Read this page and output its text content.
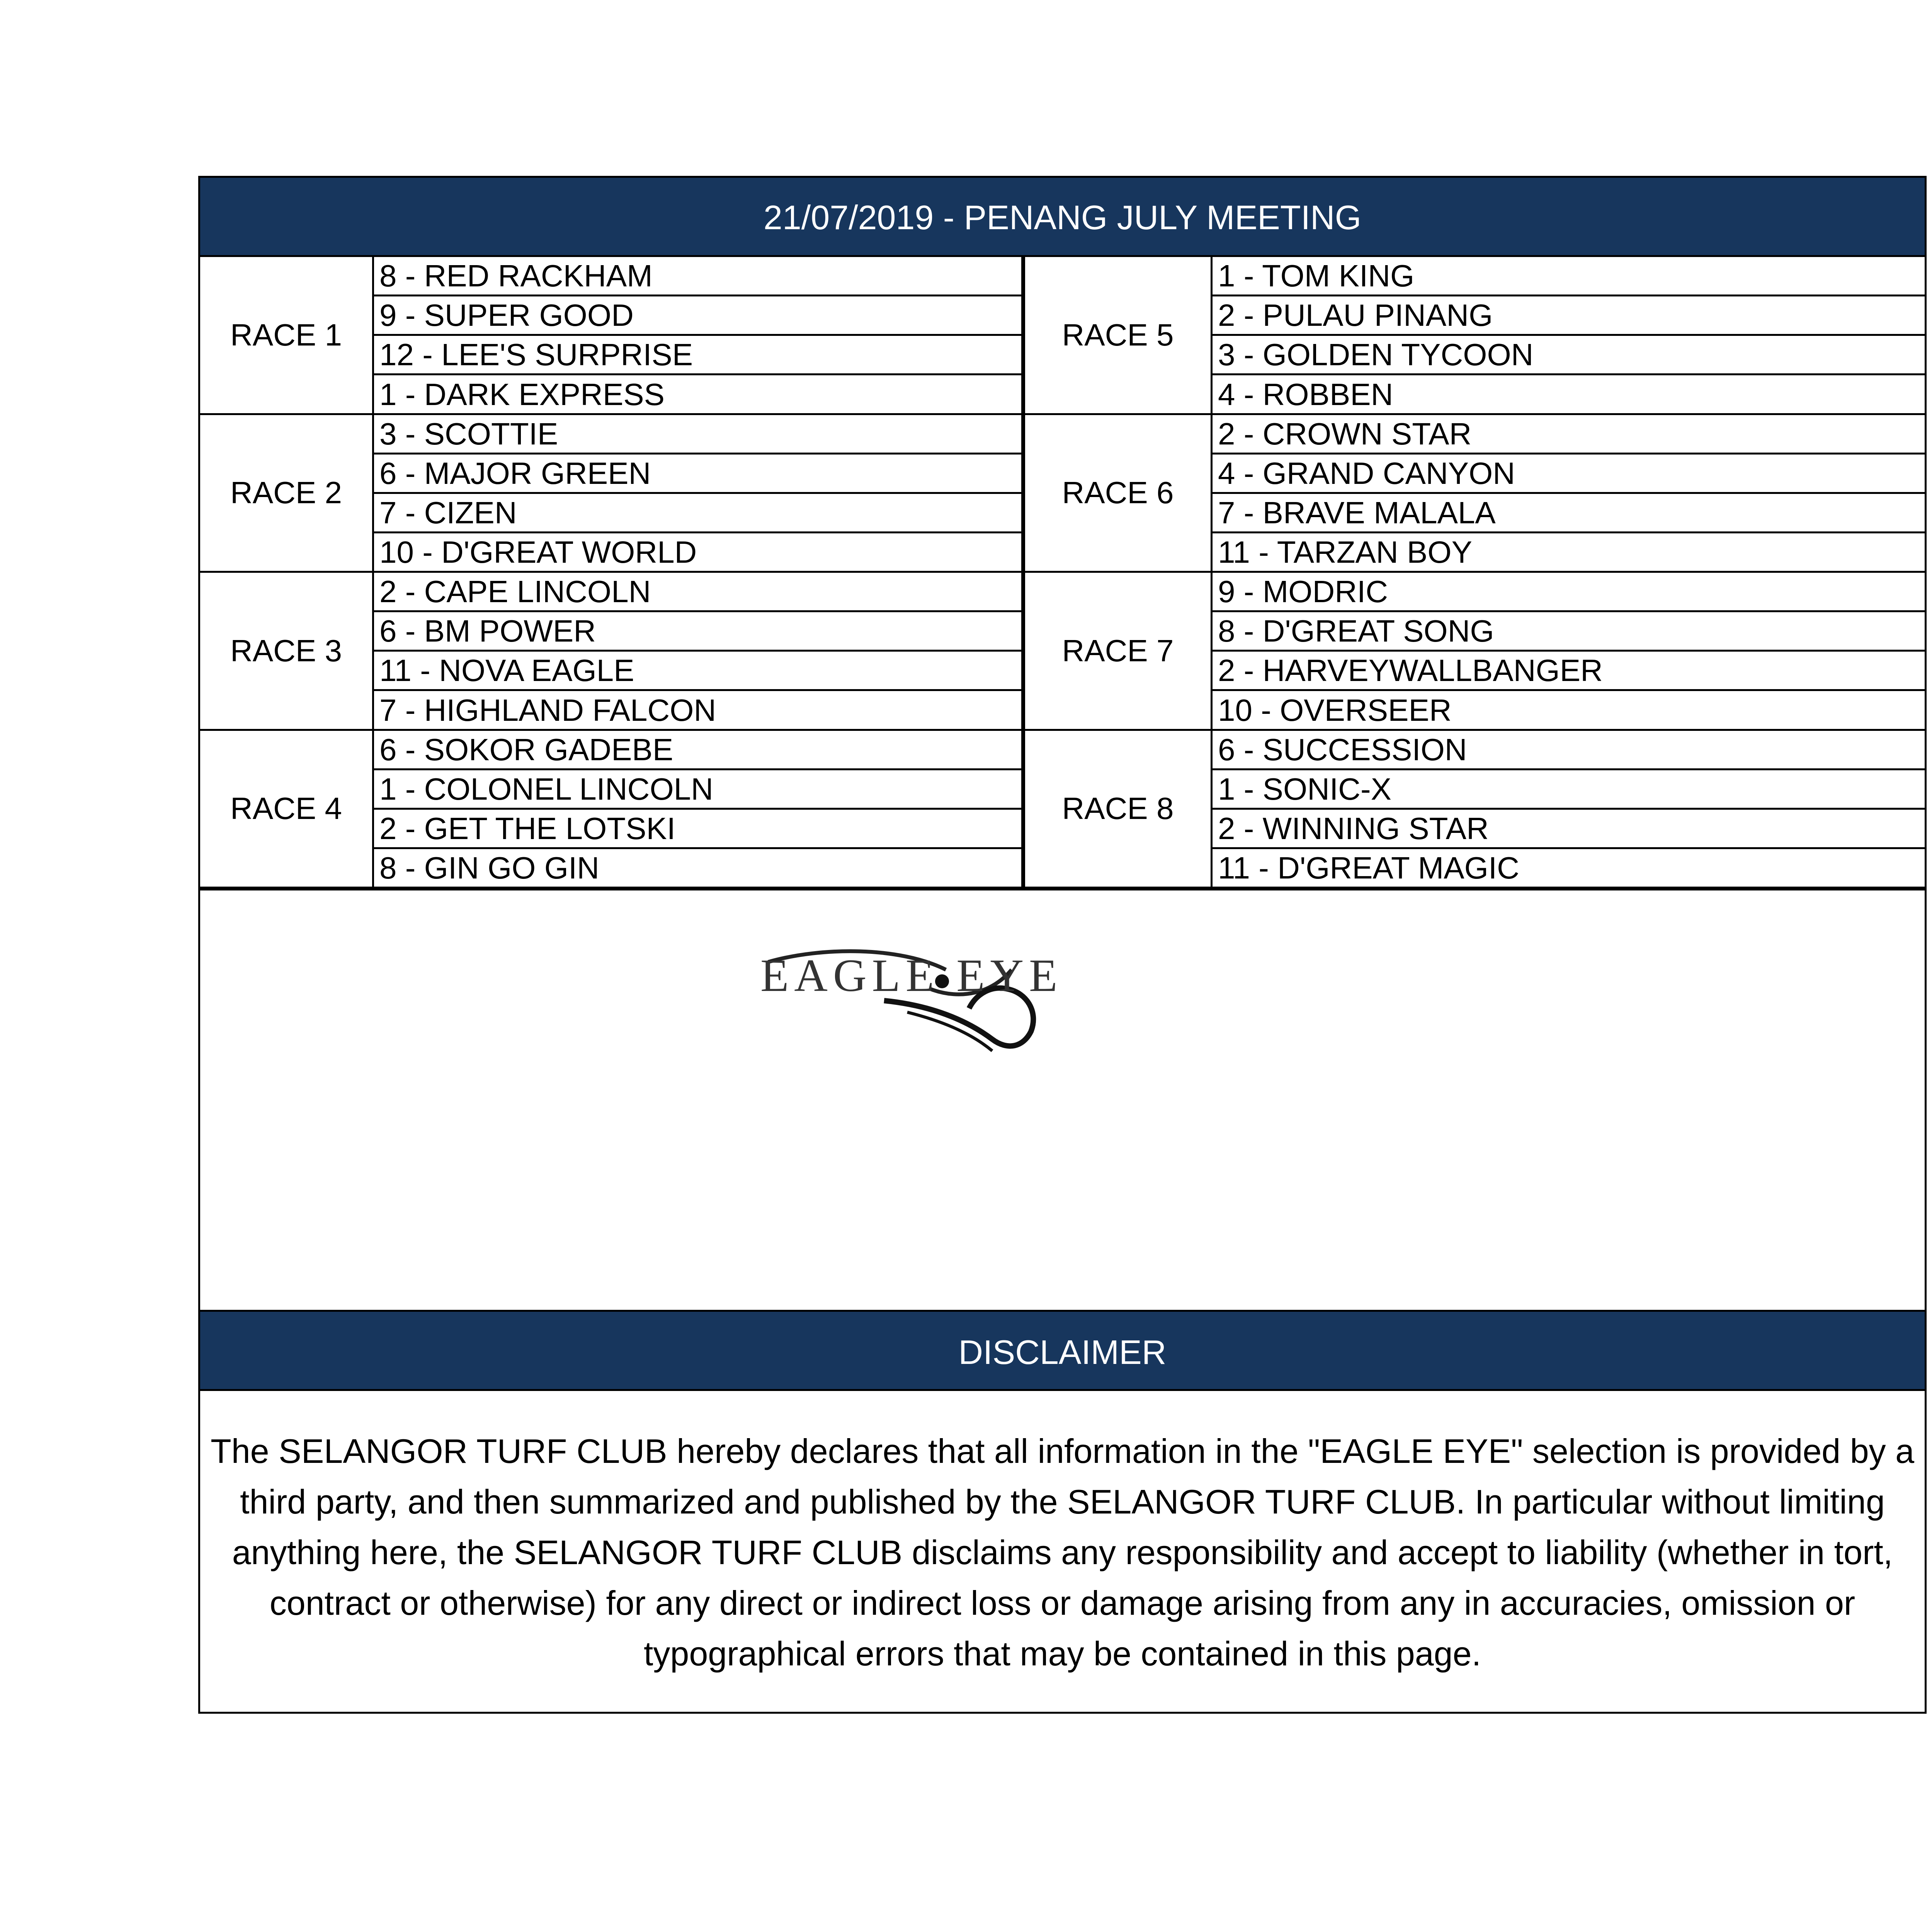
21/07/2019 - PENANG JULY MEETING
RACE 1
8 - RED RACKHAM
9 - SUPER GOOD
12 - LEE'S SURPRISE
1 - DARK EXPRESS
RACE 5
1 - TOM KING
2 - PULAU PINANG
3 - GOLDEN TYCOON
4 - ROBBEN
RACE 2
3 - SCOTTIE
6 - MAJOR GREEN
7 - CIZEN
10 - D'GREAT WORLD
RACE 6
2 - CROWN STAR
4 - GRAND CANYON
7 - BRAVE MALALA
11 - TARZAN BOY
RACE 3
2 - CAPE LINCOLN
6 - BM POWER
11 - NOVA EAGLE
7 - HIGHLAND FALCON
RACE 7
9 - MODRIC
8 - D'GREAT SONG
2 - HARVEYWALLBANGER
10 - OVERSEER
RACE 4
6 - SOKOR GADEBE
1 - COLONEL LINCOLN
2 - GET THE LOTSKI
8 - GIN GO GIN
RACE 8
6 - SUCCESSION
1 - SONIC-X
2 - WINNING STAR
11 - D'GREAT MAGIC
EAGLE EYE
DISCLAIMER
The SELANGOR TURF CLUB hereby declares that all information in the "EAGLE EYE" selection is provided by a third party, and then summarized and published by the SELANGOR TURF CLUB. In particular without limiting anything here, the SELANGOR TURF CLUB disclaims any responsibility and accept to liability (whether in tort, contract or otherwise) for any direct or indirect loss or damage arising from any in accuracies, omission or typographical errors that may be contained in this page.
